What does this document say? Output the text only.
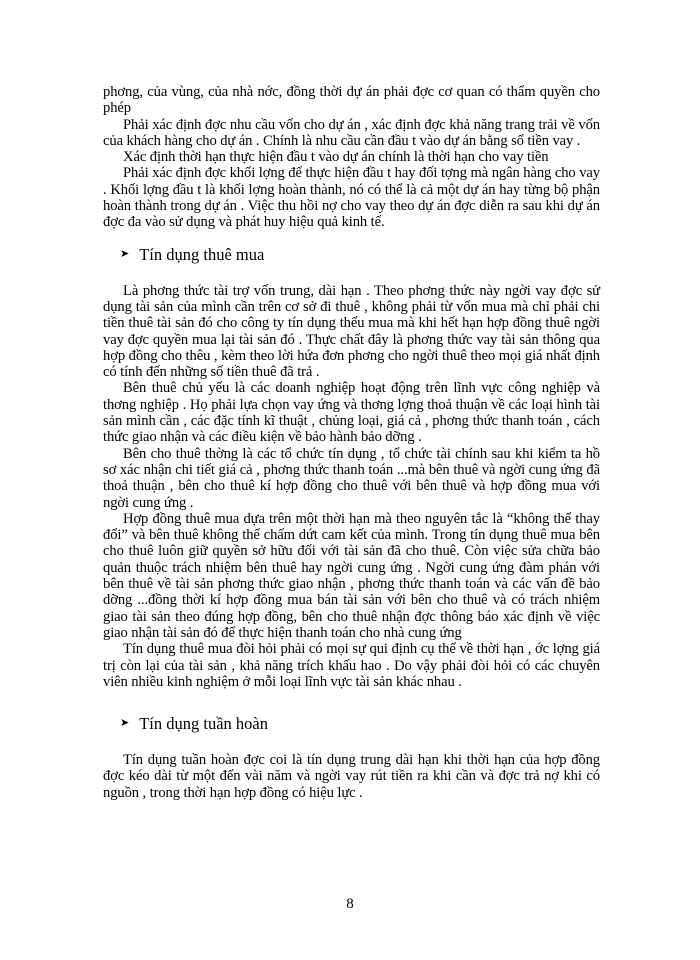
phơng, của vùng, của nhà nớc, đồng thời dự án phải đợc cơ quan có thẩm quyền cho phép

Phải xác định đợc nhu cầu vốn cho dự án , xác định đợc khả năng trang trải về vốn của khách hàng cho dự án . Chính là nhu cầu cần đầu t vào dự án bằng số tiền vay .

Xác định thời hạn thực hiện đầu t vào dự án chính là thời hạn cho vay tiền

Phải xác định đợc khối lợng để thực hiện đầu t hay đối tợng mà ngân hàng cho vay . Khối lợng đầu t là khối lợng hoàn thành, nó có thể là cả một dự án hay từng bộ phận hoàn thành trong dự án . Việc thu hồi nợ cho vay theo dự án đợc diễn ra sau khi dự án đợc đa vào sử dụng và phát huy hiệu quả kinh tế.

➤ Tín dụng thuê mua

Là phơng thức tài trợ vốn trung, dài hạn . Theo phơng thức này ngời vay đợc sử dụng tài sản của mình cần trên cơ sở đi thuê , không phải từ vốn mua mà chỉ phải chi tiền thuê tài sản đó cho công ty tín dụng thếu mua mà khi hết hạn hợp đồng thuê ngời vay đợc quyền mua lại tài sản đó . Thực chất đây là phơng thức vay tài sản thông qua hợp đồng cho thêu , kèm theo lời hứa đơn phơng cho ngời thuê theo mọi giá nhất định có tính đến những số tiền thuê đã trả .

Bên thuê chủ yếu là các doanh nghiệp hoạt động trên lĩnh vực công nghiệp và thơng nghiệp . Họ phải lựa chọn vay ứng và thơng lợng thoả thuận về các loại hình tài sản mình cần , các đặc tính kĩ thuật , chủng loại, giá cả , phơng thức thanh toán , cách thức giao nhận và các điều kiện về bảo hành bảo dỡng .

Bên cho thuê thờng là các tổ chức tín dụng , tổ chức tài chính sau khi kiểm ta hồ sơ xác nhận chi tiết giá cả , phơng thức thanh toán ...mà bên thuê và ngời cung ứng đã thoả thuận , bên cho thuê kí hợp đồng cho thuê với bên thuê và hợp đồng mua với ngời cung ứng .

Hợp đồng thuê mua dựa trên một thời hạn mà theo nguyên tắc là “không thể thay đổi” và bên thuê không thể chấm dứt cam kết của mình. Trong tín dụng thuê mua bên cho thuê luôn giữ quyền sở hữu đối với tài sản đã cho thuê. Còn việc sửa chữa bảo quản thuộc trách nhiệm bên thuê hay ngời cung ứng . Ngời cung ứng đàm phán với bên thuê về tài sản phơng thức giao nhận , phơng thức thanh toán và các vấn đề bảo dỡng ...đồng thời kí hợp đồng mua bán tài sản với bên cho thuê và có trách nhiệm giao tài sản theo đúng hợp đồng, bên cho thuê nhận đợc thông báo xác định về việc giao nhận tài sản đó để thực hiện thanh toán cho nhà cung ứng

Tín dụng thuê mua đòi hỏi phải có mọi sự qui định cụ thể về thời hạn , ớc lợng giá trị còn lại của tài sản , khả năng trích khấu hao . Do vậy phải đòi hỏi có các chuyên viên nhiều kinh nghiệm ở mỗi loại lĩnh vực tài sản khác nhau .

➤ Tín dụng tuần hoàn

Tín dụng tuần hoàn đợc coi là tín dụng trung dài hạn khi thời hạn của hợp đồng đợc kéo dài từ một đến vài năm và ngời vay rút tiền ra khi cần và đợc trả nợ khi có nguồn , trong thời hạn hợp đồng có hiệu lực .

8
